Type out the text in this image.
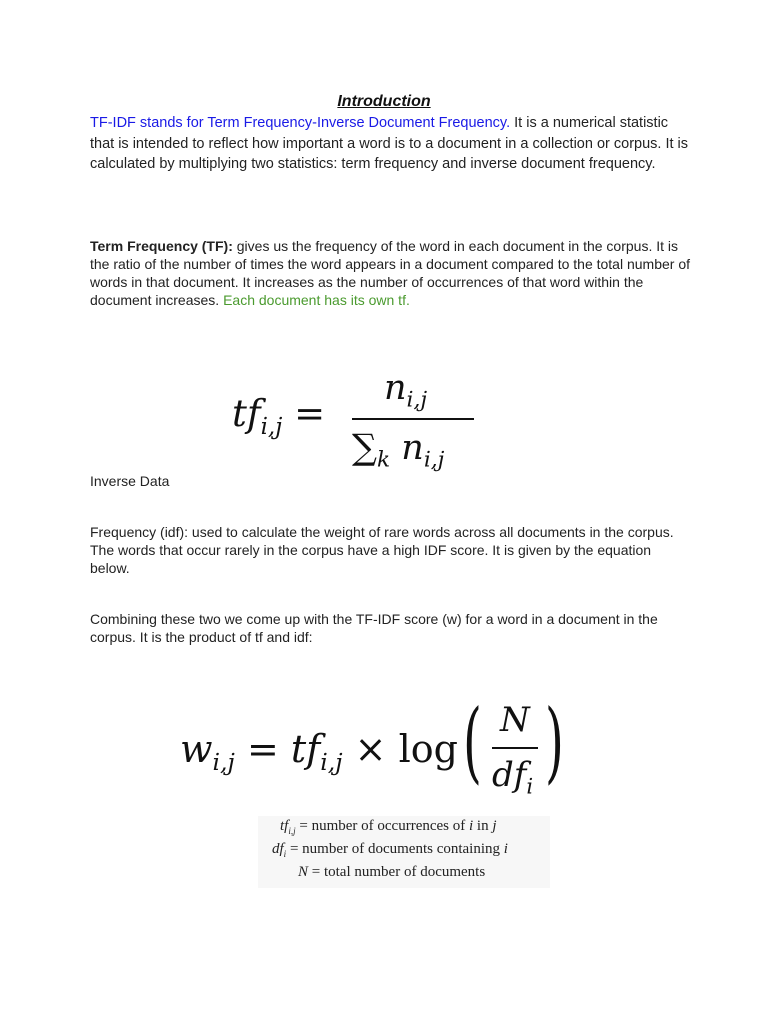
Introduction
TF-IDF stands for Term Frequency-Inverse Document Frequency. It is a numerical statistic that is intended to reflect how important a word is to a document in a collection or corpus. It is calculated by multiplying two statistics: term frequency and inverse document frequency.
Term Frequency (TF): gives us the frequency of the word in each document in the corpus. It is the ratio of the number of times the word appears in a document compared to the total number of words in that document. It increases as the number of occurrences of that word within the document increases. Each document has its own tf.
$tf_{i,j}$ =
$n_{i,j}$
$\sum_k$ $n_{i,j}$
Inverse Data
Frequency (idf): used to calculate the weight of rare words across all documents in the corpus. The words that occur rarely in the corpus have a high IDF score. It is given by the equation below.
Combining these two we come up with the TF-IDF score (w) for a word in a document in the corpus. It is the product of tf and idf:
$w_{i,j} = tf_{i,j} \times \log$ ( N
$df_i$ )
$tf_{i,j}$ = number of occurrences of i in j
$df_i$ = number of documents containing i
N = total number of documents
